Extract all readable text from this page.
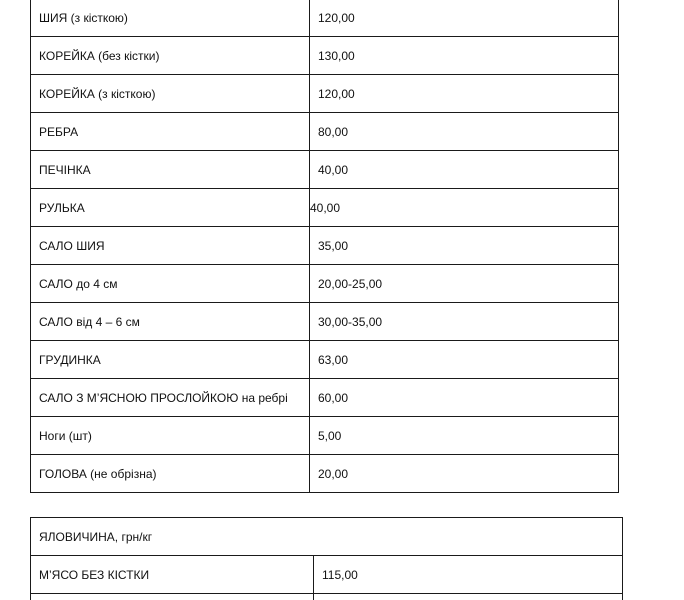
ШИЯ (з кісткою)	120,00
КОРЕЙКА (без кістки)	130,00
КОРЕЙКА (з кісткою)	120,00
РЕБРА	80,00
ПЕЧІНКА	40,00
РУЛЬКА	40,00
САЛО ШИЯ	35,00
САЛО до 4 см	20,00-25,00
САЛО від 4 – 6 см	30,00-35,00
ГРУДИНКА	63,00
САЛО З М’ЯСНОЮ ПРОСЛОЙКОЮ на ребрі	60,00
Ноги (шт)	5,00
ГОЛОВА (не обрізна)	20,00
ЯЛОВИЧИНА, грн/кг	
М’ЯСО БЕЗ КІСТКИ	115,00
